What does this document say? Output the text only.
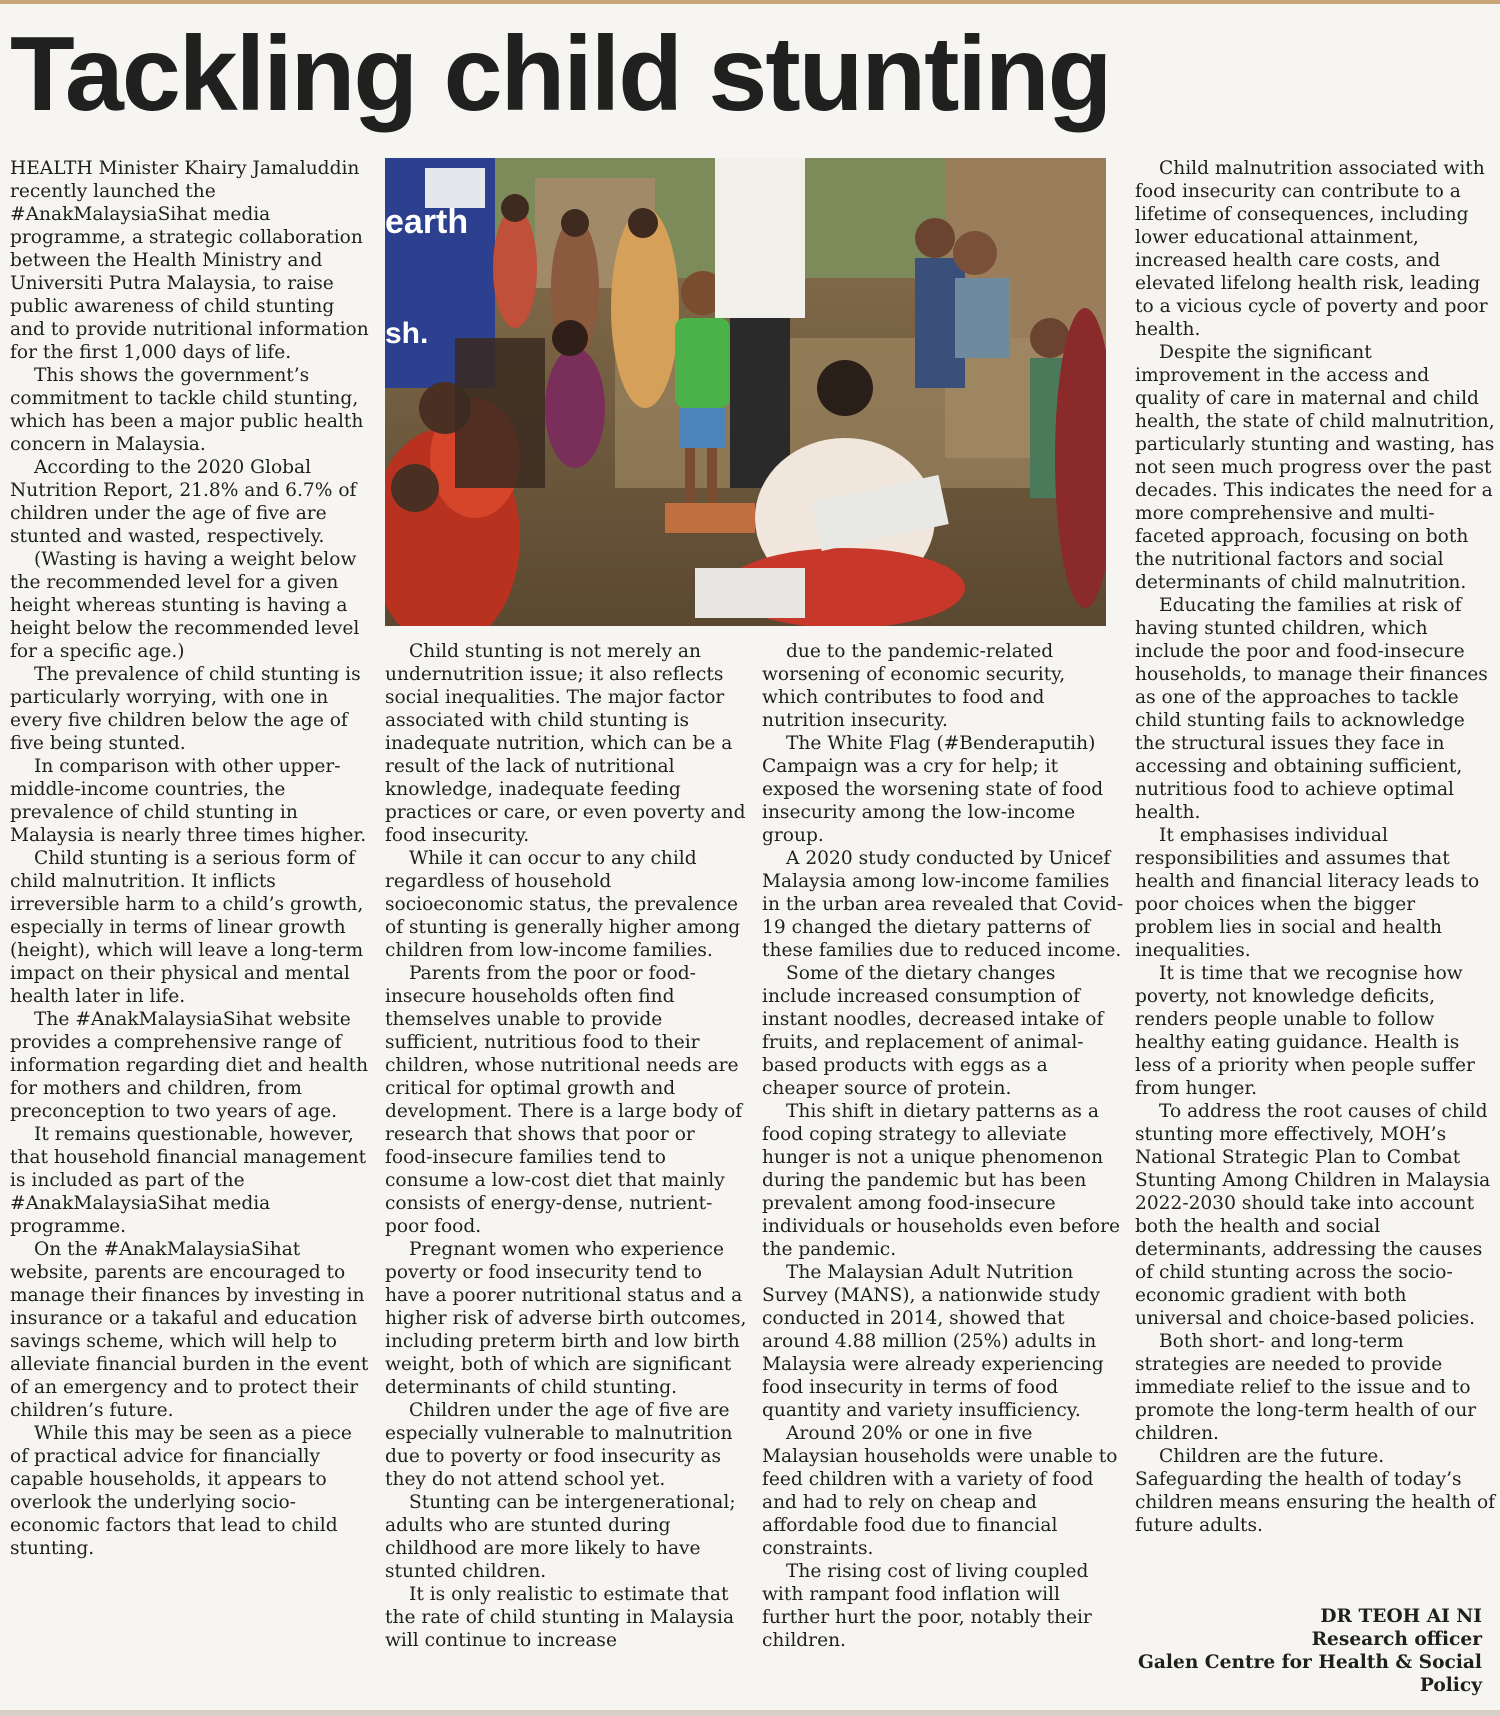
Tackling child stunting

HEALTH Minister Khairy Jamaluddin recently launched the #AnakMalaysiaSihat media programme, a strategic collaboration between the Health Ministry and Universiti Putra Malaysia, to raise public awareness of child stunting and to provide nutritional information for the first 1,000 days of life.

This shows the government’s commitment to tackle child stunting, which has been a major public health concern in Malaysia.

According to the 2020 Global Nutrition Report, 21.8% and 6.7% of children under the age of five are stunted and wasted, respectively.

(Wasting is having a weight below the recommended level for a given height whereas stunting is having a height below the recommended level for a specific age.)

The prevalence of child stunting is particularly worrying, with one in every five children below the age of five being stunted.

In comparison with other upper-middle-income countries, the prevalence of child stunting in Malaysia is nearly three times higher.

Child stunting is a serious form of child malnutrition. It inflicts irreversible harm to a child’s growth, especially in terms of linear growth (height), which will leave a long-term impact on their physical and mental health later in life.

The #AnakMalaysiaSihat website provides a comprehensive range of information regarding diet and health for mothers and children, from preconception to two years of age.

It remains questionable, however, that household financial management is included as part of the #AnakMalaysiaSihat media programme.

On the #AnakMalaysiaSihat website, parents are encouraged to manage their finances by investing in insurance or a takaful and education savings scheme, which will help to alleviate financial burden in the event of an emergency and to protect their children’s future.

While this may be seen as a piece of practical advice for financially capable households, it appears to overlook the underlying socio-economic factors that lead to child stunting.

earth
sh.

Child stunting is not merely an undernutrition issue; it also reflects social inequalities. The major factor associated with child stunting is inadequate nutrition, which can be a result of the lack of nutritional knowledge, inadequate feeding practices or care, or even poverty and food insecurity.

While it can occur to any child regardless of household socioeconomic status, the prevalence of stunting is generally higher among children from low-income families.

Parents from the poor or food-insecure households often find themselves unable to provide sufficient, nutritious food to their children, whose nutritional needs are critical for optimal growth and development. There is a large body of research that shows that poor or food-insecure families tend to consume a low-cost diet that mainly consists of energy-dense, nutrient-poor food.

Pregnant women who experience poverty or food insecurity tend to have a poorer nutritional status and a higher risk of adverse birth outcomes, including preterm birth and low birth weight, both of which are significant determinants of child stunting.

Children under the age of five are especially vulnerable to malnutrition due to poverty or food insecurity as they do not attend school yet.

Stunting can be intergenerational; adults who are stunted during childhood are more likely to have stunted children.

It is only realistic to estimate that the rate of child stunting in Malaysia will continue to increase

due to the pandemic-related worsening of economic security, which contributes to food and nutrition insecurity.

The White Flag (#Benderaputih) Campaign was a cry for help; it exposed the worsening state of food insecurity among the low-income group.

A 2020 study conducted by Unicef Malaysia among low-income families in the urban area revealed that Covid-19 changed the dietary patterns of these families due to reduced income.

Some of the dietary changes include increased consumption of instant noodles, decreased intake of fruits, and replacement of animal-based products with eggs as a cheaper source of protein.

This shift in dietary patterns as a food coping strategy to alleviate hunger is not a unique phenomenon during the pandemic but has been prevalent among food-insecure individuals or households even before the pandemic.

The Malaysian Adult Nutrition Survey (MANS), a nationwide study conducted in 2014, showed that around 4.88 million (25%) adults in Malaysia were already experiencing food insecurity in terms of food quantity and variety insufficiency.

Around 20% or one in five Malaysian households were unable to feed children with a variety of food and had to rely on cheap and affordable food due to financial constraints.

The rising cost of living coupled with rampant food inflation will further hurt the poor, notably their children.

Child malnutrition associated with food insecurity can contribute to a lifetime of consequences, including lower educational attainment, increased health care costs, and elevated lifelong health risk, leading to a vicious cycle of poverty and poor health.

Despite the significant improvement in the access and quality of care in maternal and child health, the state of child malnutrition, particularly stunting and wasting, has not seen much progress over the past decades. This indicates the need for a more comprehensive and multi-faceted approach, focusing on both the nutritional factors and social determinants of child malnutrition.

Educating the families at risk of having stunted children, which include the poor and food-insecure households, to manage their finances as one of the approaches to tackle child stunting fails to acknowledge the structural issues they face in accessing and obtaining sufficient, nutritious food to achieve optimal health.

It emphasises individual responsibilities and assumes that health and financial literacy leads to poor choices when the bigger problem lies in social and health inequalities.

It is time that we recognise how poverty, not knowledge deficits, renders people unable to follow healthy eating guidance. Health is less of a priority when people suffer from hunger.

To address the root causes of child stunting more effectively, MOH’s National Strategic Plan to Combat Stunting Among Children in Malaysia 2022-2030 should take into account both the health and social determinants, addressing the causes of child stunting across the socio-economic gradient with both universal and choice-based policies.

Both short- and long-term strategies are needed to provide immediate relief to the issue and to promote the long-term health of our children.

Children are the future. Safeguarding the health of today’s children means ensuring the health of future adults.

DR TEOH AI NI
Research officer
Galen Centre for Health & Social Policy
